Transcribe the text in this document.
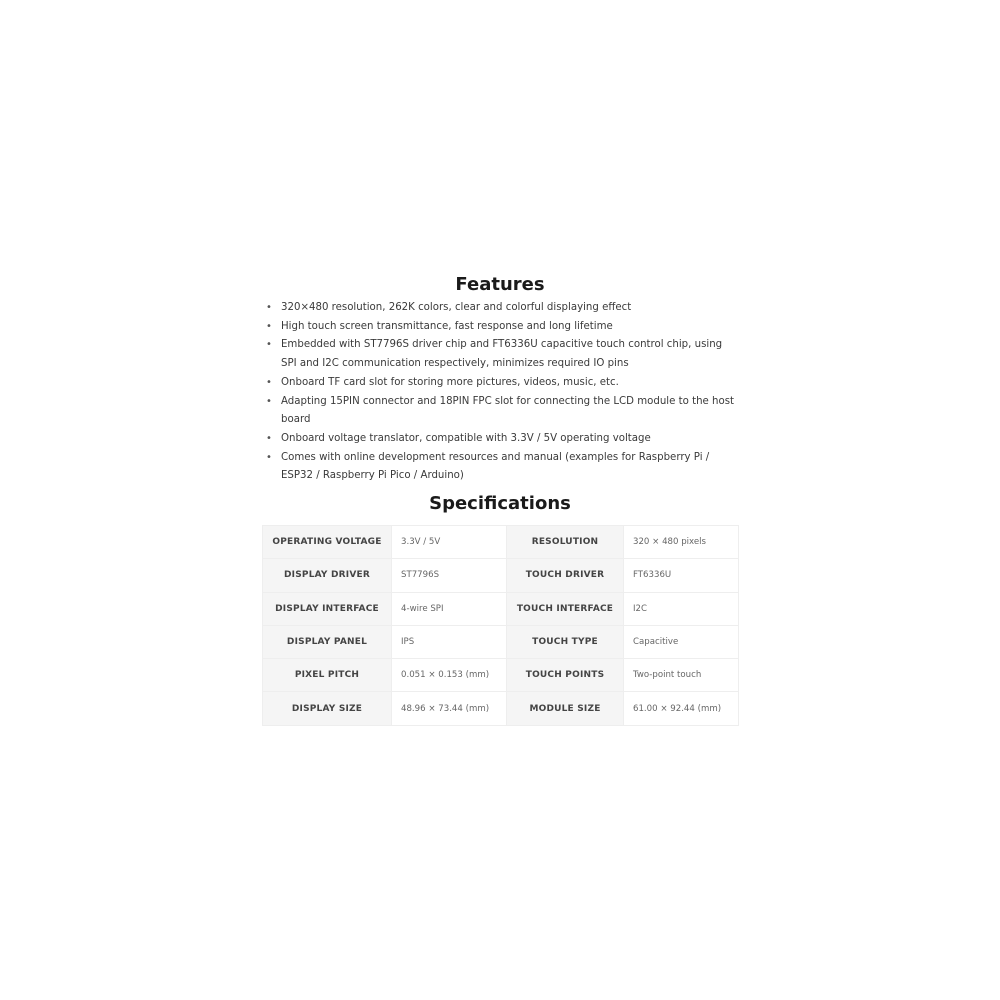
Features
• 320×480 resolution, 262K colors, clear and colorful displaying effect
• High touch screen transmittance, fast response and long lifetime
• Embedded with ST7796S driver chip and FT6336U capacitive touch control chip, using SPI and I2C communication respectively, minimizes required IO pins
• Onboard TF card slot for storing more pictures, videos, music, etc.
• Adapting 15PIN connector and 18PIN FPC slot for connecting the LCD module to the host board
• Onboard voltage translator, compatible with 3.3V / 5V operating voltage
• Comes with online development resources and manual (examples for Raspberry Pi / ESP32 / Raspberry Pi Pico / Arduino)
Specifications
OPERATING VOLTAGE	3.3V / 5V	RESOLUTION	320 × 480 pixels
DISPLAY DRIVER	ST7796S	TOUCH DRIVER	FT6336U
DISPLAY INTERFACE	4-wire SPI	TOUCH INTERFACE	I2C
DISPLAY PANEL	IPS	TOUCH TYPE	Capacitive
PIXEL PITCH	0.051 × 0.153 (mm)	TOUCH POINTS	Two-point touch
DISPLAY SIZE	48.96 × 73.44 (mm)	MODULE SIZE	61.00 × 92.44 (mm)
